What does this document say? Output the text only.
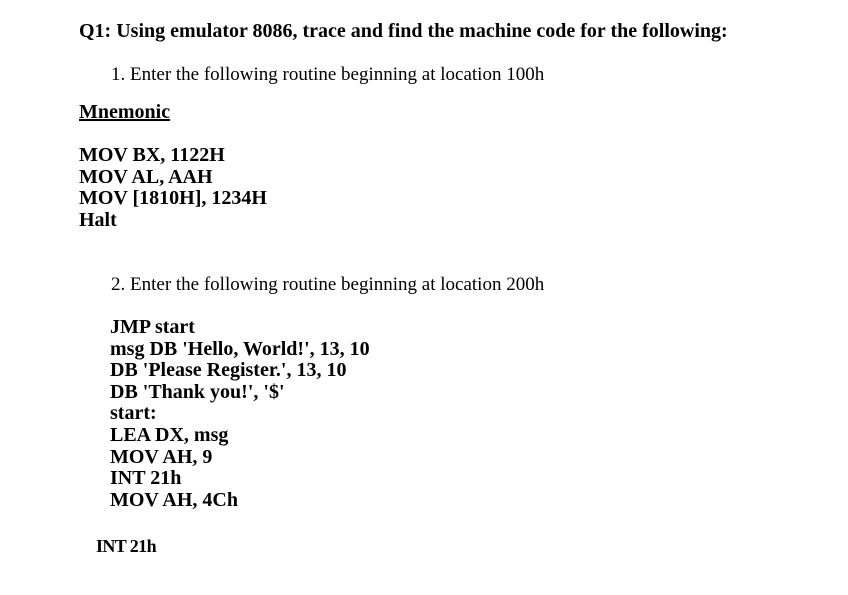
Q1: Using emulator 8086, trace and find the machine code for the following:
1. Enter the following routine beginning at location 100h
Mnemonic
MOV BX, 1122H
MOV AL, AAH
MOV [1810H], 1234H
Halt
2. Enter the following routine beginning at location 200h
JMP start
msg DB 'Hello, World!', 13, 10
DB 'Please Register.', 13, 10
DB 'Thank you!', '$'
start:
LEA DX, msg
MOV AH, 9
INT 21h
MOV AH, 4Ch
INT 21h
